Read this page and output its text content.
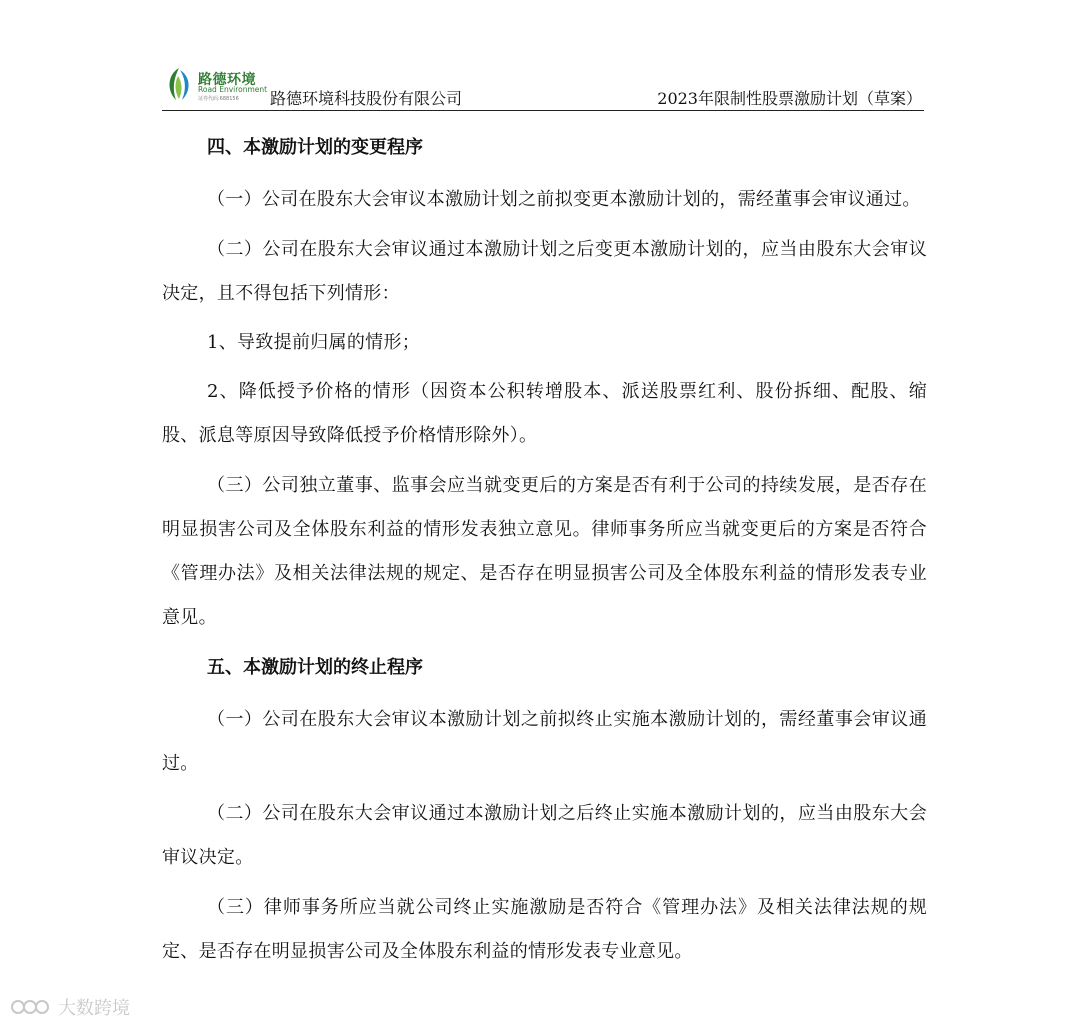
路德环境
Road Environment
证券代码:688156 路德环境科技股份有限公司	2023年限制性股票激励计划（草案）

四、本激励计划的变更程序

（一）公司在股东大会审议本激励计划之前拟变更本激励计划的，需经董事会审议通过。

（二）公司在股东大会审议通过本激励计划之后变更本激励计划的，应当由股东大会审议决定，且不得包括下列情形：

1、导致提前归属的情形；

2、降低授予价格的情形（因资本公积转增股本、派送股票红利、股份拆细、配股、缩股、派息等原因导致降低授予价格情形除外）。

（三）公司独立董事、监事会应当就变更后的方案是否有利于公司的持续发展，是否存在明显损害公司及全体股东利益的情形发表独立意见。律师事务所应当就变更后的方案是否符合《管理办法》及相关法律法规的规定、是否存在明显损害公司及全体股东利益的情形发表专业意见。

五、本激励计划的终止程序

（一）公司在股东大会审议本激励计划之前拟终止实施本激励计划的，需经董事会审议通过。

（二）公司在股东大会审议通过本激励计划之后终止实施本激励计划的，应当由股东大会审议决定。

（三）律师事务所应当就公司终止实施激励是否符合《管理办法》及相关法律法规的规定、是否存在明显损害公司及全体股东利益的情形发表专业意见。

大数跨境
